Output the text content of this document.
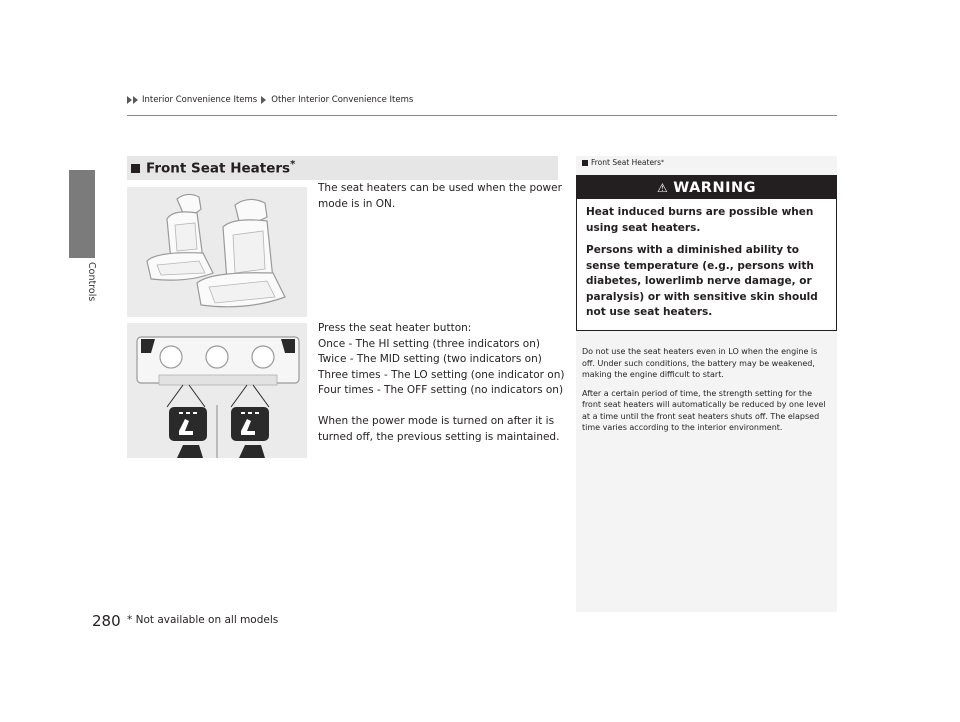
Controls
Interior Convenience Items Other Interior Convenience Items
Front Seat Heaters*
The seat heaters can be used when the power mode is in ON.
Press the seat heater button:
Once - The HI setting (three indicators on)
Twice - The MID setting (two indicators on)
Three times - The LO setting (one indicator on)
Four times - The OFF setting (no indicators on)
When the power mode is turned on after it is turned off, the previous setting is maintained.
Front Seat Heaters *
⚠ WARNING

Heat induced burns are possible when using seat heaters.

Persons with a diminished ability to sense temperature (e.g., persons with diabetes, lowerlimb nerve damage, or paralysis) or with sensitive skin should not use seat heaters.

Do not use the seat heaters even in LO when the engine is off. Under such conditions, the battery may be weakened, making the engine difficult to start.

After a certain period of time, the strength setting for the front seat heaters will automatically be reduced by one level at a time until the front seat heaters shuts off. The elapsed time varies according to the interior environment.

280 * Not available on all models
